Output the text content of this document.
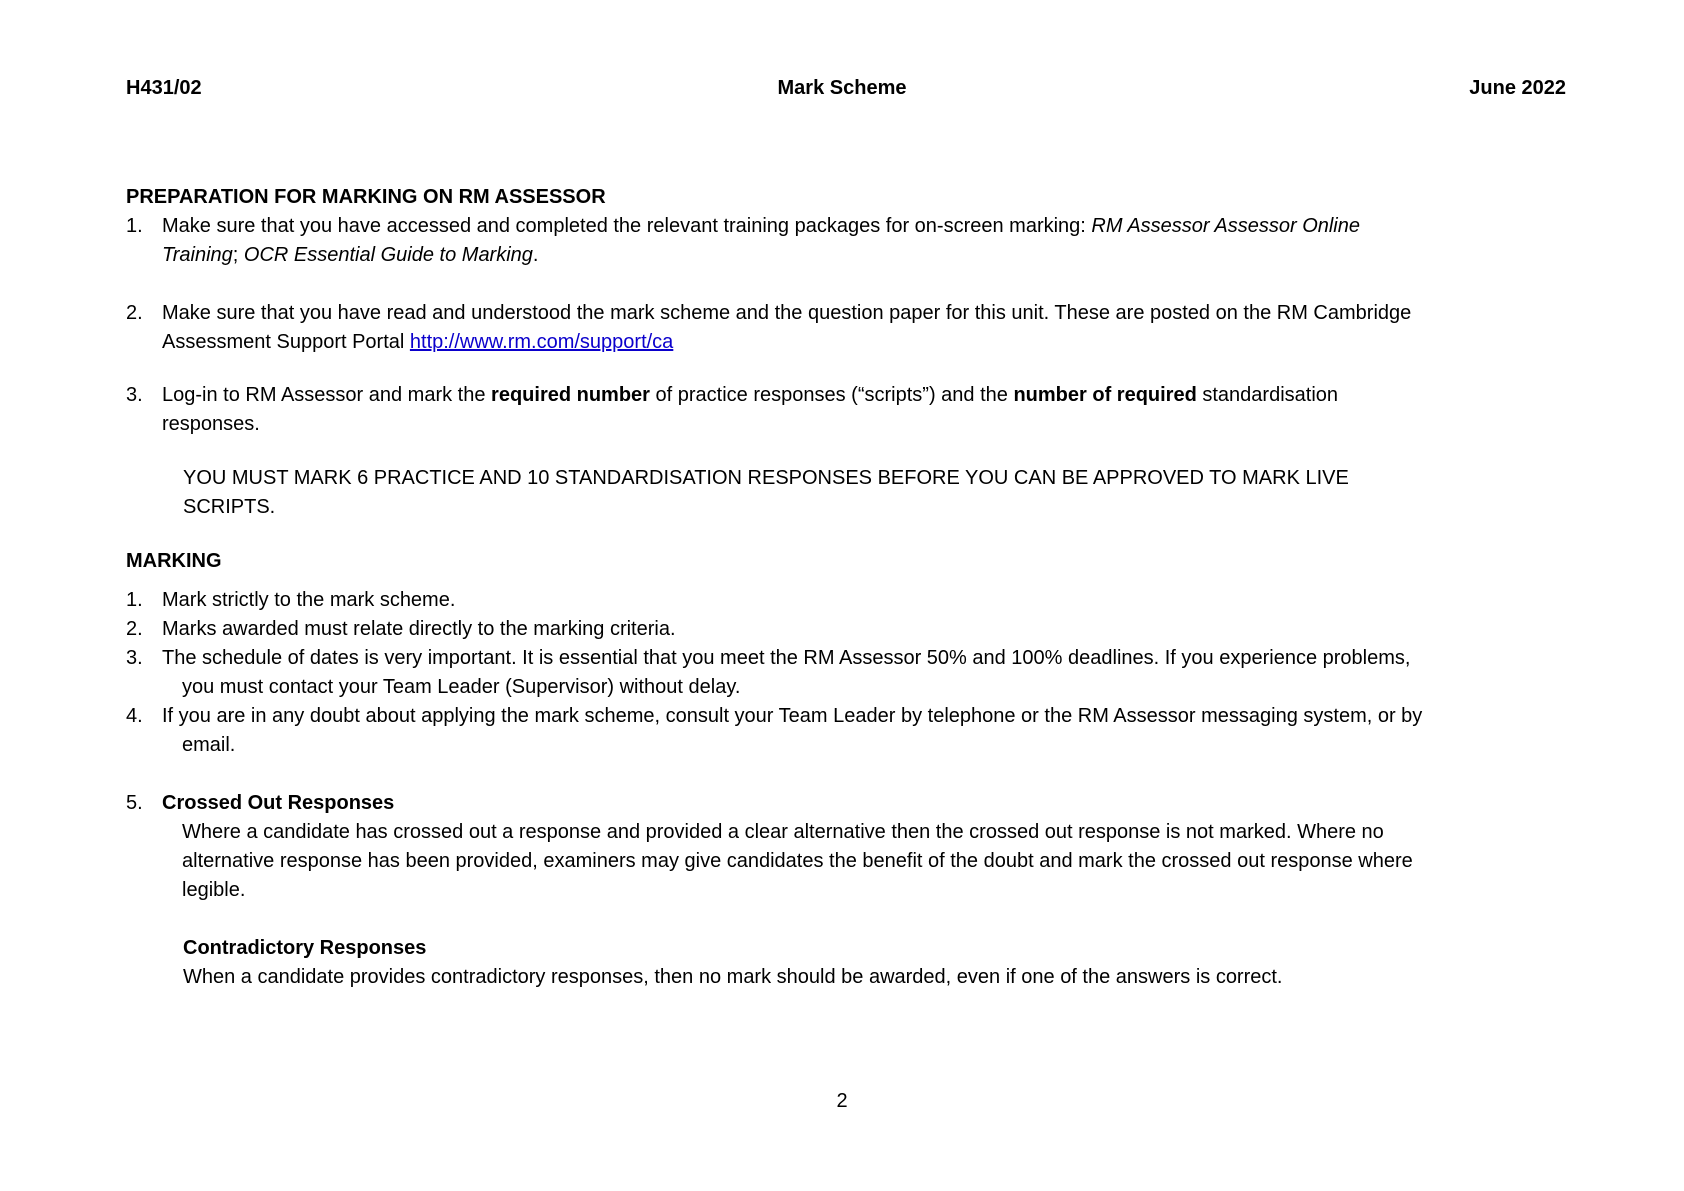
H431/02	Mark Scheme	June 2022
PREPARATION FOR MARKING ON RM ASSESSOR
1. Make sure that you have accessed and completed the relevant training packages for on-screen marking: RM Assessor Assessor Online
Training; OCR Essential Guide to Marking.
2. Make sure that you have read and understood the mark scheme and the question paper for this unit. These are posted on the RM Cambridge
Assessment Support Portal http://www.rm.com/support/ca
3. Log-in to RM Assessor and mark the required number of practice responses (“scripts”) and the number of required standardisation
responses.
YOU MUST MARK 6 PRACTICE AND 10 STANDARDISATION RESPONSES BEFORE YOU CAN BE APPROVED TO MARK LIVE
SCRIPTS.
MARKING
1. Mark strictly to the mark scheme.
2. Marks awarded must relate directly to the marking criteria.
3. The schedule of dates is very important. It is essential that you meet the RM Assessor 50% and 100% deadlines. If you experience problems,
you must contact your Team Leader (Supervisor) without delay.
4. If you are in any doubt about applying the mark scheme, consult your Team Leader by telephone or the RM Assessor messaging system, or by
email.
5. Crossed Out Responses
Where a candidate has crossed out a response and provided a clear alternative then the crossed out response is not marked. Where no
alternative response has been provided, examiners may give candidates the benefit of the doubt and mark the crossed out response where
legible.
Contradictory Responses
When a candidate provides contradictory responses, then no mark should be awarded, even if one of the answers is correct.
2
